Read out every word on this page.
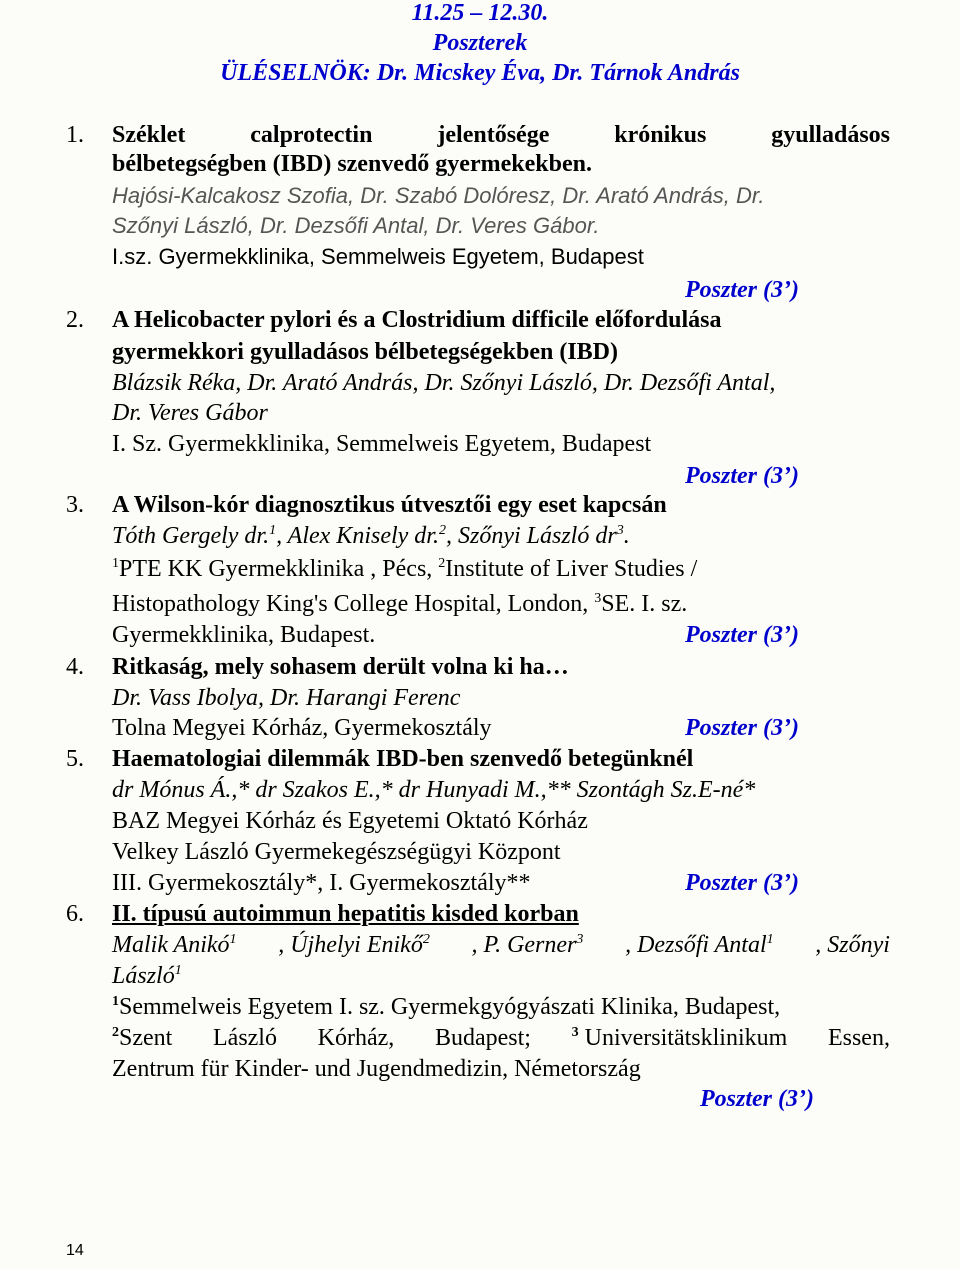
11.25 – 12.30.
Poszterek
ÜLÉSELNÖK: Dr. Micskey Éva, Dr. Tárnok András
1. Széklet	calprotectin	jelentősége	krónikus	gyulladásos
bélbetegségben (IBD) szenvedő gyermekekben.
Hajósi-Kalcakosz Szofia, Dr. Szabó Dolóresz, Dr. Arató András, Dr.
Szőnyi László, Dr. Dezsőfi Antal, Dr. Veres Gábor.
I.sz. Gyermekklinika, Semmelweis Egyetem, Budapest
Poszter (3’)
2. A Helicobacter pylori és a Clostridium difficile előfordulása
gyermekkori gyulladásos bélbetegségekben (IBD)
Blázsik Réka, Dr. Arató András, Dr. Szőnyi László, Dr. Dezsőfi Antal,
Dr. Veres Gábor
I. Sz. Gyermekklinika, Semmelweis Egyetem, Budapest
Poszter (3’)
3. A Wilson-kór diagnosztikus útvesztői egy eset kapcsán
Tóth Gergely dr.$^1$, Alex Knisely dr.$^2$, Szőnyi László $dr^3$.
$^1$PTE KK Gyermekklinika , Pécs, $^2$Institute of Liver Studies /
Histopathology King's College Hospital, London, $^3$SE. I. sz.
Gyermekklinika, Budapest.	Poszter (3’)
4. Ritkaság, mely sohasem derült volna ki ha…
Dr. Vass Ibolya, Dr. Harangi Ferenc
Tolna Megyei Kórház, Gyermekosztály	Poszter (3’)
5. Haematologiai dilemmák IBD-ben szenvedő betegünknél
dr Mónus Á.,* dr Szakos E.,* dr Hunyadi M.,** Szontágh Sz.E-né*
BAZ Megyei Kórház és Egyetemi Oktató Kórház
Velkey László Gyermekegészségügyi Központ
III. Gyermekosztály*, I. Gyermekosztály**	Poszter (3’)
6. II. típusú autoimmun hepatitis kisded korban
Malik Anikó$^1$ , Újhelyi Enikő$^2$ , P. Gerner$^3$ , Dezsőfi Antal$^1$ , Szőnyi
László$^1$
$^1$Semmelweis Egyetem I. sz. Gyermekgyógyászati Klinika, Budapest,
$^2$Szent László Kórház, Budapest;	$^3$ Universitätsklinikum Essen,
Zentrum für Kinder- und Jugendmedizin, Németország
Poszter (3’)
14
